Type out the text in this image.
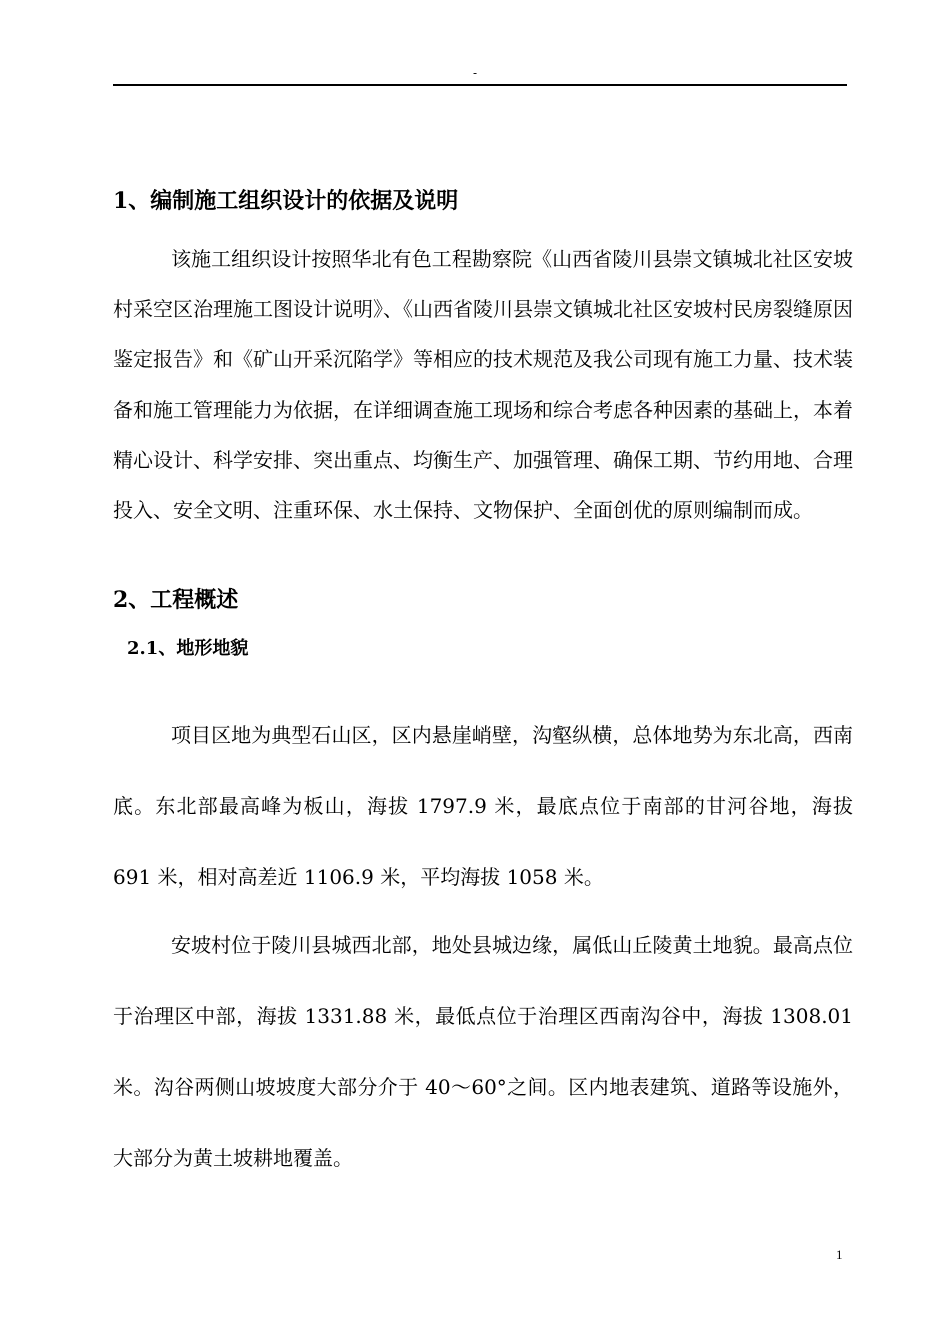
-
1、编制施工组织设计的依据及说明

该施工组织设计按照华北有色工程勘察院《山西省陵川县崇文镇城北社区安坡村采空区治理施工图设计说明》、《山西省陵川县崇文镇城北社区安坡村民房裂缝原因鉴定报告》和《矿山开采沉陷学》等相应的技术规范及我公司现有施工力量、技术装备和施工管理能力为依据，在详细调查施工现场和综合考虑各种因素的基础上，本着精心设计、科学安排、突出重点、均衡生产、加强管理、确保工期、节约用地、合理投入、安全文明、注重环保、水土保持、文物保护、全面创优的原则编制而成。

2、工程概述
2.1、地形地貌

项目区地为典型石山区，区内悬崖峭壁，沟壑纵横，总体地势为东北高，西南底。东北部最高峰为板山，海拔 1797.9 米，最底点位于南部的甘河谷地，海拔 691 米，相对高差近 1106.9 米，平均海拔 1058 米。

安坡村位于陵川县城西北部，地处县城边缘，属低山丘陵黄土地貌。最高点位于治理区中部，海拔 1331.88 米，最低点位于治理区西南沟谷中，海拔 1308.01 米。沟谷两侧山坡坡度大部分介于 40～60°之间。区内地表建筑、道路等设施外，大部分为黄土坡耕地覆盖。

1
